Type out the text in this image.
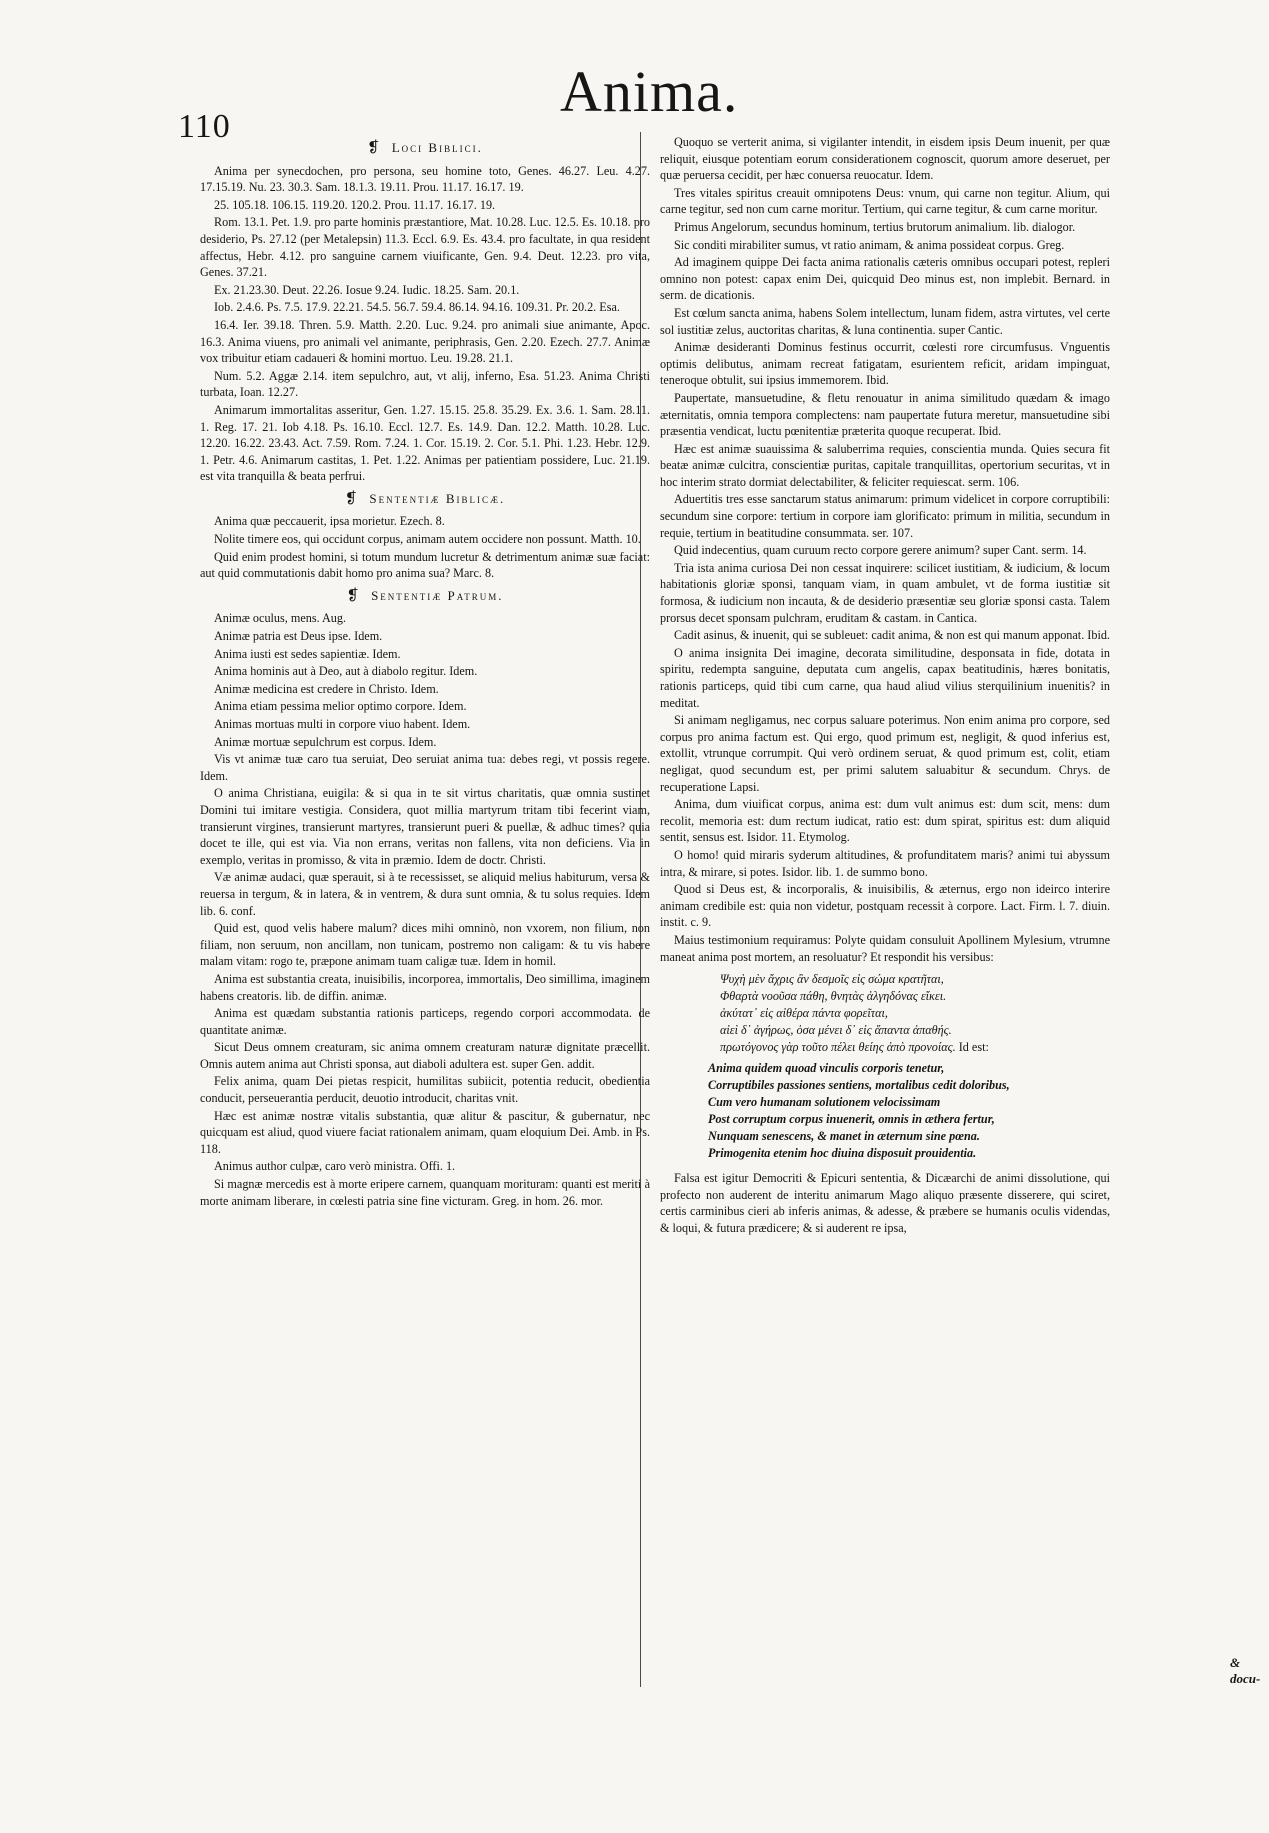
110
Anima.
❡ Loci Biblici.

Anima per synecdochen, pro persona, seu homine toto, Genes. 46.27. Leu. 4.27. 17.15.19. Nu. 23. 30.3. Sam. 18.1.3. 19.11. Prou. 11.17. 16.17. 19.

25. 105.18. 106.15. 119.20. 120.2. Prou. 11.17. 16.17. 19.

Rom. 13.1. Pet. 1.9. pro parte hominis præstantiore, Mat. 10.28. Luc. 12.5. Es. 10.18. pro desiderio, Ps. 27.12 (per Metalepsin) 11.3. Eccl. 6.9. Es. 43.4. pro facultate, in qua resident affectus, Hebr. 4.12. pro sanguine carnem viuificante, Gen. 9.4. Deut. 12.23. pro vita, Genes. 37.21.

Ex. 21.23.30. Deut. 22.26. Iosue 9.24. Iudic. 18.25. Sam. 20.1.

Iob. 2.4.6. Ps. 7.5. 17.9. 22.21. 54.5. 56.7. 59.4. 86.14. 94.16. 109.31. Pr. 20.2. Esa.

16.4. Ier. 39.18. Thren. 5.9. Matth. 2.20. Luc. 9.24. pro animali siue animante, Apoc. 16.3. Anima viuens, pro animali vel animante, periphrasis, Gen. 2.20. Ezech. 27.7. Animæ vox tribuitur etiam cadaueri & homini mortuo. Leu. 19.28. 21.1.

Num. 5.2. Aggæ 2.14. item sepulchro, aut, vt alij, inferno, Esa. 51.23. Anima Christi turbata, Ioan. 12.27.

Animarum immortalitas asseritur, Gen. 1.27. 15.15. 25.8. 35.29. Ex. 3.6. 1. Sam. 28.11. 1. Reg. 17. 21. Iob 4.18. Ps. 16.10. Eccl. 12.7. Es. 14.9. Dan. 12.2. Matth. 10.28. Luc. 12.20. 16.22. 23.43. Act. 7.59. Rom. 7.24. 1. Cor. 15.19. 2. Cor. 5.1. Phi. 1.23. Hebr. 12.9. 1. Petr. 4.6. Animarum castitas, 1. Pet. 1.22. Animas per patientiam possidere, Luc. 21.19. est vita tranquilla & beata perfrui.

❡ Sententiæ Biblicæ.

Anima quæ peccauerit, ipsa morietur. Ezech. 8.

Nolite timere eos, qui occidunt corpus, animam autem occidere non possunt. Matth. 10.

Quid enim prodest homini, si totum mundum lucretur & detrimentum animæ suæ faciat: aut quid commutationis dabit homo pro anima sua? Marc. 8.

❡ Sententiæ Patrum.

Animæ oculus, mens. Aug.

Animæ patria est Deus ipse. Idem.

Anima iusti est sedes sapientiæ. Idem.

Anima hominis aut à Deo, aut à diabolo regitur. Idem.

Animæ medicina est credere in Christo. Idem.

Anima etiam pessima melior optimo corpore. Idem.

Animas mortuas multi in corpore viuo habent. Idem.

Animæ mortuæ sepulchrum est corpus. Idem.

Vis vt animæ tuæ caro tua seruiat, Deo seruiat anima tua: debes regi, vt possis regere. Idem.

O anima Christiana, euigila: & si qua in te sit virtus charitatis, quæ omnia sustinet Domini tui imitare vestigia. Considera, quot millia martyrum tritam tibi fecerint viam, transierunt virgines, transierunt martyres, transierunt pueri & puellæ, & adhuc times? quia docet te ille, qui est via. Via non errans, veritas non fallens, vita non deficiens. Via in exemplo, veritas in promisso, & vita in præmio. Idem de doctr. Christi.

Væ animæ audaci, quæ sperauit, si à te recessisset, se aliquid melius habiturum, versa & reuersa in tergum, & in latera, & in ventrem, & dura sunt omnia, & tu solus requies. Idem lib. 6. conf.

Quid est, quod velis habere malum? dices mihi omninò, non vxorem, non filium, non filiam, non seruum, non ancillam, non tunicam, postremo non caligam: & tu vis habere malam vitam: rogo te, præpone animam tuam caligæ tuæ. Idem in homil.

Anima est substantia creata, inuisibilis, incorporea, immortalis, Deo simillima, imaginem habens creatoris. lib. de diffin. animæ.

Anima est quædam substantia rationis particeps, regendo corpori accommodata. de quantitate animæ.

Sicut Deus omnem creaturam, sic anima omnem creaturam naturæ dignitate præcellit. Omnis autem anima aut Christi sponsa, aut diaboli adultera est. super Gen. addit.

Felix anima, quam Dei pietas respicit, humilitas subiicit, potentia reducit, obedientia conducit, perseuerantia perducit, deuotio introducit, charitas vnit.

Hæc est animæ nostræ vitalis substantia, quæ alitur & pascitur, & gubernatur, nec quicquam est aliud, quod viuere faciat rationalem animam, quam eloquium Dei. Amb. in Ps. 118.

Animus author culpæ, caro verò ministra. Offi. 1.

Si magnæ mercedis est à morte eripere carnem, quanquam morituram: quanti est meriti à morte animam liberare, in cœlesti patria sine fine victuram. Greg. in hom. 26. mor.

Quoquo se verterit anima, si vigilanter intendit, in eisdem ipsis Deum inuenit, per quæ reliquit, eiusque potentiam eorum considerationem cognoscit, quorum amore deseruet, per quæ peruersa cecidit, per hæc conuersa reuocatur. Idem.

Tres vitales spiritus creauit omnipotens Deus: vnum, qui carne non tegitur. Alium, qui carne tegitur, sed non cum carne moritur. Tertium, qui carne tegitur, & cum carne moritur.

Primus Angelorum, secundus hominum, tertius brutorum animalium. lib. dialogor.

Sic conditi mirabiliter sumus, vt ratio animam, & anima possideat corpus. Greg.

Ad imaginem quippe Dei facta anima rationalis cæteris omnibus occupari potest, repleri omnino non potest: capax enim Dei, quicquid Deo minus est, non implebit. Bernard. in serm. de dicationis.

Est cœlum sancta anima, habens Solem intellectum, lunam fidem, astra virtutes, vel certe sol iustitiæ zelus, auctoritas charitas, & luna continentia. super Cantic.

Animæ desideranti Dominus festinus occurrit, cœlesti rore circumfusus. Vnguentis optimis delibutus, animam recreat fatigatam, esurientem reficit, aridam impinguat, teneroque obtulit, sui ipsius immemorem. Ibid.

Paupertate, mansuetudine, & fletu renouatur in anima similitudo quædam & imago æternitatis, omnia tempora complectens: nam paupertate futura meretur, mansuetudine sibi præsentia vendicat, luctu pœnitentiæ præterita quoque recuperat. Ibid.

Hæc est animæ suauissima & saluberrima requies, conscientia munda. Quies secura fit beatæ animæ culcitra, conscientiæ puritas, capitale tranquillitas, opertorium securitas, vt in hoc interim strato dormiat delectabiliter, & feliciter requiescat. serm. 106.

Aduertitis tres esse sanctarum status animarum: primum videlicet in corpore corruptibili: secundum sine corpore: tertium in corpore iam glorificato: primum in militia, secundum in requie, tertium in beatitudine consummata. ser. 107.

Quid indecentius, quam curuum recto corpore gerere animum? super Cant. serm. 14.

Tria ista anima curiosa Dei non cessat inquirere: scilicet iustitiam, & iudicium, & locum habitationis gloriæ sponsi, tanquam viam, in quam ambulet, vt de forma iustitiæ sit formosa, & iudicium non incauta, & de desiderio præsentiæ seu gloriæ sponsi casta. Talem prorsus decet sponsam pulchram, eruditam & castam. in Cantica.

Cadit asinus, & inuenit, qui se subleuet: cadit anima, & non est qui manum apponat. Ibid.

O anima insignita Dei imagine, decorata similitudine, desponsata in fide, dotata in spiritu, redempta sanguine, deputata cum angelis, capax beatitudinis, hæres bonitatis, rationis particeps, quid tibi cum carne, qua haud aliud vilius sterquilinium inuenitis? in meditat.

Si animam negligamus, nec corpus saluare poterimus. Non enim anima pro corpore, sed corpus pro anima factum est. Qui ergo, quod primum est, negligit, & quod inferius est, extollit, vtrunque corrumpit. Qui verò ordinem seruat, & quod primum est, colit, etiam negligat, quod secundum est, per primi salutem saluabitur & secundum. Chrys. de recuperatione Lapsi.

Anima, dum viuificat corpus, anima est: dum vult animus est: dum scit, mens: dum recolit, memoria est: dum rectum iudicat, ratio est: dum spirat, spiritus est: dum aliquid sentit, sensus est. Isidor. 11. Etymolog.

O homo! quid miraris syderum altitudines, & profunditatem maris? animi tui abyssum intra, & mirare, si potes. Isidor. lib. 1. de summo bono.

Quod si Deus est, & incorporalis, & inuisibilis, & æternus, ergo non ideirco interire animam credibile est: quia non videtur, postquam recessit à corpore. Lact. Firm. l. 7. diuin. instit. c. 9.

Maius testimonium requiramus: Polyte quidam consuluit Apollinem Mylesium, vtrumne maneat anima post mortem, an resoluatur? Et respondit his versibus:

Ψυχὴ μὲν ἄχρις ἂν δεσμοῖς εἰς σώμα κρατῆται,
Φθαρτὰ νοοῦσα πάθη, θνητὰς ἀλγηδόνας εἴκει.
ἀκύτατ᾽ εἰς αἰθέρα πάντα φορεῖται,
αἰεὶ δ᾽ ἀγήρως, ὁσα μένει δ᾽ εἰς ἅπαντα ἀπαθής.
πρωτόγονος γὰρ τοῦτο πέλει θείης ἀπὸ προνοίας. Id est:
Anima quidem quoad vinculis corporis tenetur,
Corruptibiles passiones sentiens, mortalibus cedit doloribus,
Cum vero humanam solutionem velocissimam
Post corruptum corpus inuenerit, omnis in æthera fertur,
Nunquam senescens, & manet in æternum sine pœna.
Primogenita etenim hoc diuina disposuit prouidentia.

Falsa est igitur Democriti & Epicuri sententia, & Dicæarchi de animi dissolutione, qui profecto non auderent de interitu animarum Mago aliquo præsente disserere, qui sciret, certis carminibus cieri ab inferis animas, & adesse, & præbere se humanis oculis videndas, & loqui, & futura prædicere; & si auderent re ipsa,

& docu-
